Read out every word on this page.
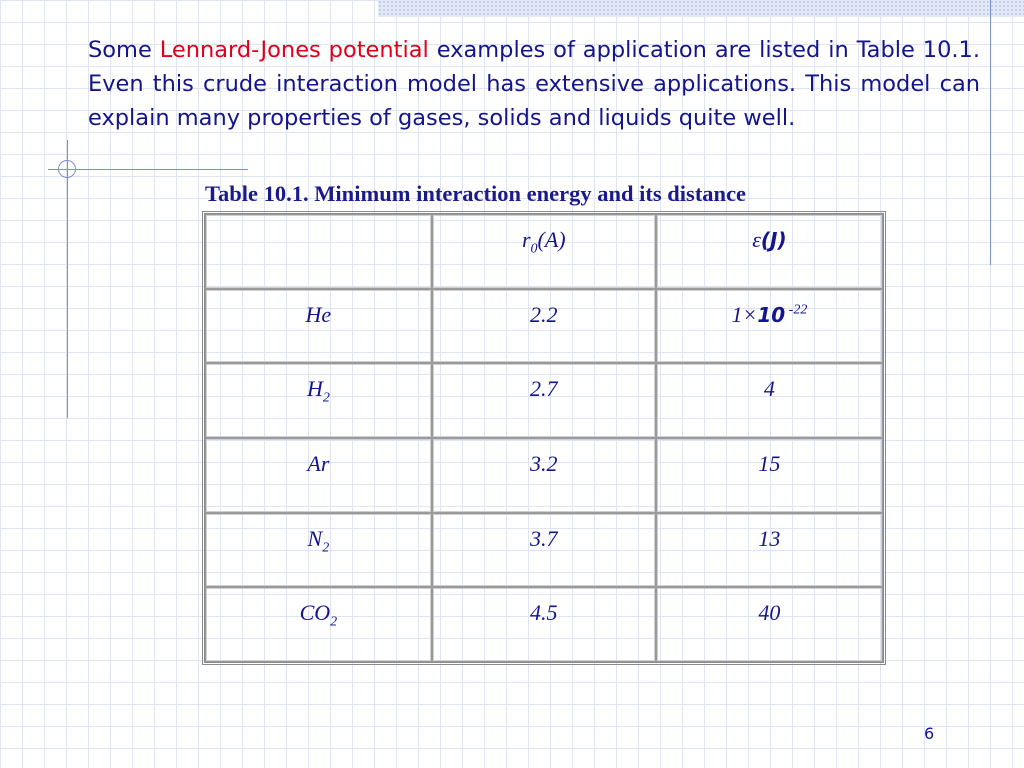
Some Lennard-Jones potential examples of application are listed in Table 10.1. Even this crude interaction model has extensive applications. This model can explain many properties of gases, solids and liquids quite well.
Table 10.1. Minimum interaction energy and its distance
	$r_0(A)$	ε(J)
He	2.2	1×10 $^{-22}$
$H_2$	2.7	4
Ar	3.2	15
$N_2$	3.7	13
$CO_2$	4.5	40
6
